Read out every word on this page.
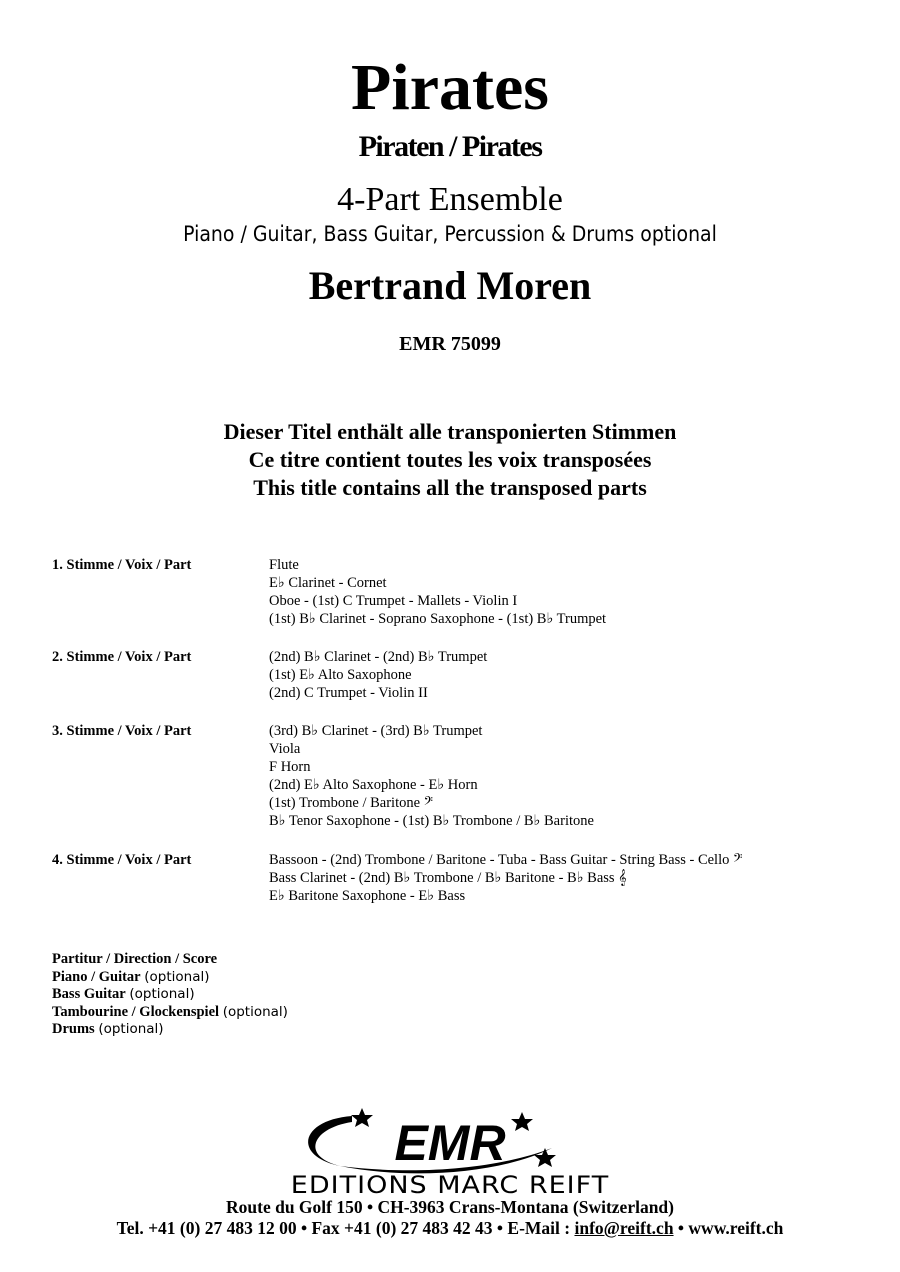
Pirates
Piraten / Pirates
4-Part Ensemble
Piano / Guitar, Bass Guitar, Percussion & Drums optional
Bertrand Moren
EMR 75099
Dieser Titel enthält alle transponierten Stimmen
Ce titre contient toutes les voix transposées
This title contains all the transposed parts
1. Stimme / Voix / Part	Flute
E♭ Clarinet - Cornet
Oboe - (1st) C Trumpet - Mallets - Violin I
(1st) B♭ Clarinet - Soprano Saxophone - (1st) B♭ Trumpet
2. Stimme / Voix / Part	(2nd) B♭ Clarinet - (2nd) B♭ Trumpet
(1st) E♭ Alto Saxophone
(2nd) C Trumpet - Violin II
3. Stimme / Voix / Part	(3rd) B♭ Clarinet - (3rd) B♭ Trumpet
Viola
F Horn
(2nd) E♭ Alto Saxophone - E♭ Horn
(1st) Trombone / Baritone 𝄢
B♭ Tenor Saxophone - (1st) B♭ Trombone / B♭ Baritone
4. Stimme / Voix / Part	Bassoon - (2nd) Trombone / Baritone - Tuba - Bass Guitar - String Bass - Cello 𝄢
Bass Clarinet - (2nd) B♭ Trombone / B♭ Baritone - B♭ Bass 𝄞
E♭ Baritone Saxophone - E♭ Bass
Partitur / Direction / Score
Piano / Guitar (optional)
Bass Guitar (optional)
Tambourine / Glockenspiel (optional)
Drums (optional)
EMR
EDITIONS MARC REIFT
Route du Golf 150 • CH-3963 Crans-Montana (Switzerland)
Tel. +41 (0) 27 483 12 00 • Fax +41 (0) 27 483 42 43 • E-Mail : info@reift.ch • www.reift.ch
